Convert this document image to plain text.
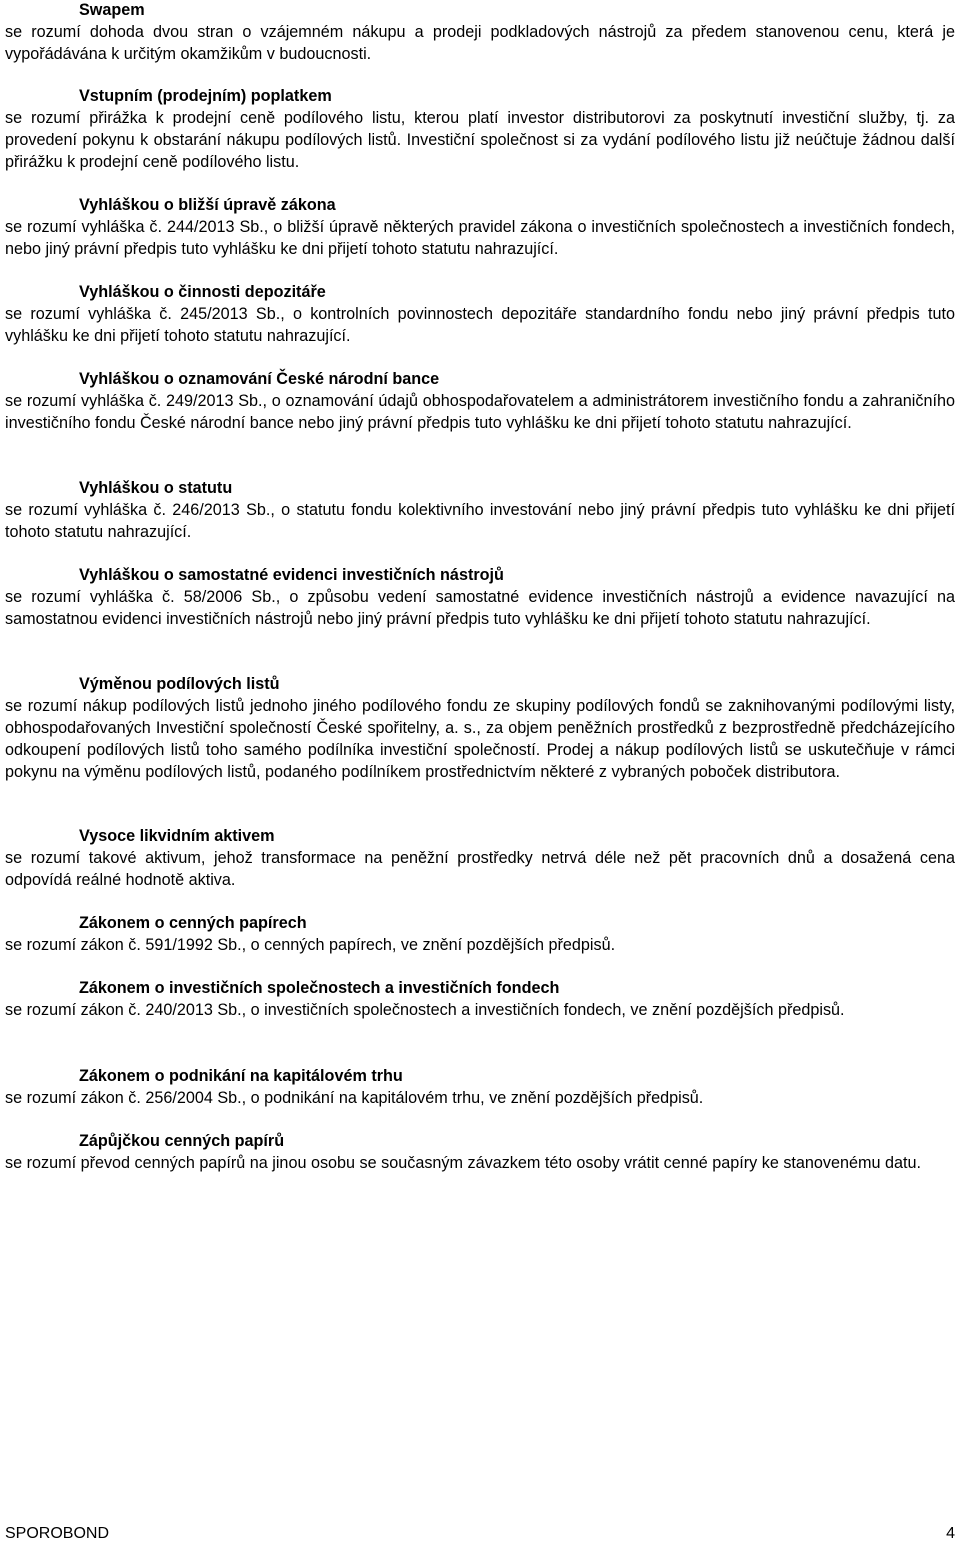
Swapem

se rozumí dohoda dvou stran o vzájemném nákupu a prodeji podkladových nástrojů za předem stanovenou cenu, která je vypořádávána k určitým okamžikům v budoucnosti.

Vstupním (prodejním) poplatkem

se rozumí přirážka k prodejní ceně podílového listu, kterou platí investor distributorovi za poskytnutí investiční služby, tj. za provedení pokynu k obstarání nákupu podílových listů. Investiční společnost si za vydání podílového listu již neúčtuje žádnou další přirážku k prodejní ceně podílového listu.

Vyhláškou o bližší úpravě zákona

se rozumí vyhláška č. 244/2013 Sb., o bližší úpravě některých pravidel zákona o investičních společnostech a investičních fondech, nebo jiný právní předpis tuto vyhlášku ke dni přijetí tohoto statutu nahrazující.

Vyhláškou o činnosti depozitáře

se rozumí vyhláška č. 245/2013 Sb., o kontrolních povinnostech depozitáře standardního fondu nebo jiný právní předpis tuto vyhlášku ke dni přijetí tohoto statutu nahrazující.

Vyhláškou o oznamování České národní bance

se rozumí vyhláška č. 249/2013 Sb., o oznamování údajů obhospodařovatelem a administrátorem investičního fondu a zahraničního investičního fondu České národní bance nebo jiný právní předpis tuto vyhlášku ke dni přijetí tohoto statutu nahrazující.

Vyhláškou o statutu

se rozumí vyhláška č. 246/2013 Sb., o statutu fondu kolektivního investování nebo jiný právní předpis tuto vyhlášku ke dni přijetí tohoto statutu nahrazující.

Vyhláškou o samostatné evidenci investičních nástrojů

se rozumí vyhláška č. 58/2006 Sb., o způsobu vedení samostatné evidence investičních nástrojů a evidence navazující na samostatnou evidenci investičních nástrojů nebo jiný právní předpis tuto vyhlášku ke dni přijetí tohoto statutu nahrazující.

Výměnou podílových listů

se rozumí nákup podílových listů jednoho jiného podílového fondu ze skupiny podílových fondů se zaknihovanými podílovými listy, obhospodařovaných Investiční společností České spořitelny, a. s., za objem peněžních prostředků z bezprostředně předcházejícího odkoupení podílových listů toho samého podílníka investiční společností. Prodej a nákup podílových listů se uskutečňuje v rámci pokynu na výměnu podílových listů, podaného podílníkem prostřednictvím některé z vybraných poboček distributora.

Vysoce likvidním aktivem

se rozumí takové aktivum, jehož transformace na peněžní prostředky netrvá déle než pět pracovních dnů a dosažená cena odpovídá reálné hodnotě aktiva.

Zákonem o cenných papírech

se rozumí zákon č. 591/1992 Sb., o cenných papírech, ve znění pozdějších předpisů.

Zákonem o investičních společnostech a investičních fondech

se rozumí zákon č. 240/2013 Sb., o investičních společnostech a investičních fondech, ve znění pozdějších předpisů.

Zákonem o podnikání na kapitálovém trhu

se rozumí zákon č. 256/2004 Sb., o podnikání na kapitálovém trhu, ve znění pozdějších předpisů.

Zápůjčkou cenných papírů

se rozumí převod cenných papírů na jinou osobu se současným závazkem této osoby vrátit cenné papíry ke stanovenému datu.

SPOROBOND	4
